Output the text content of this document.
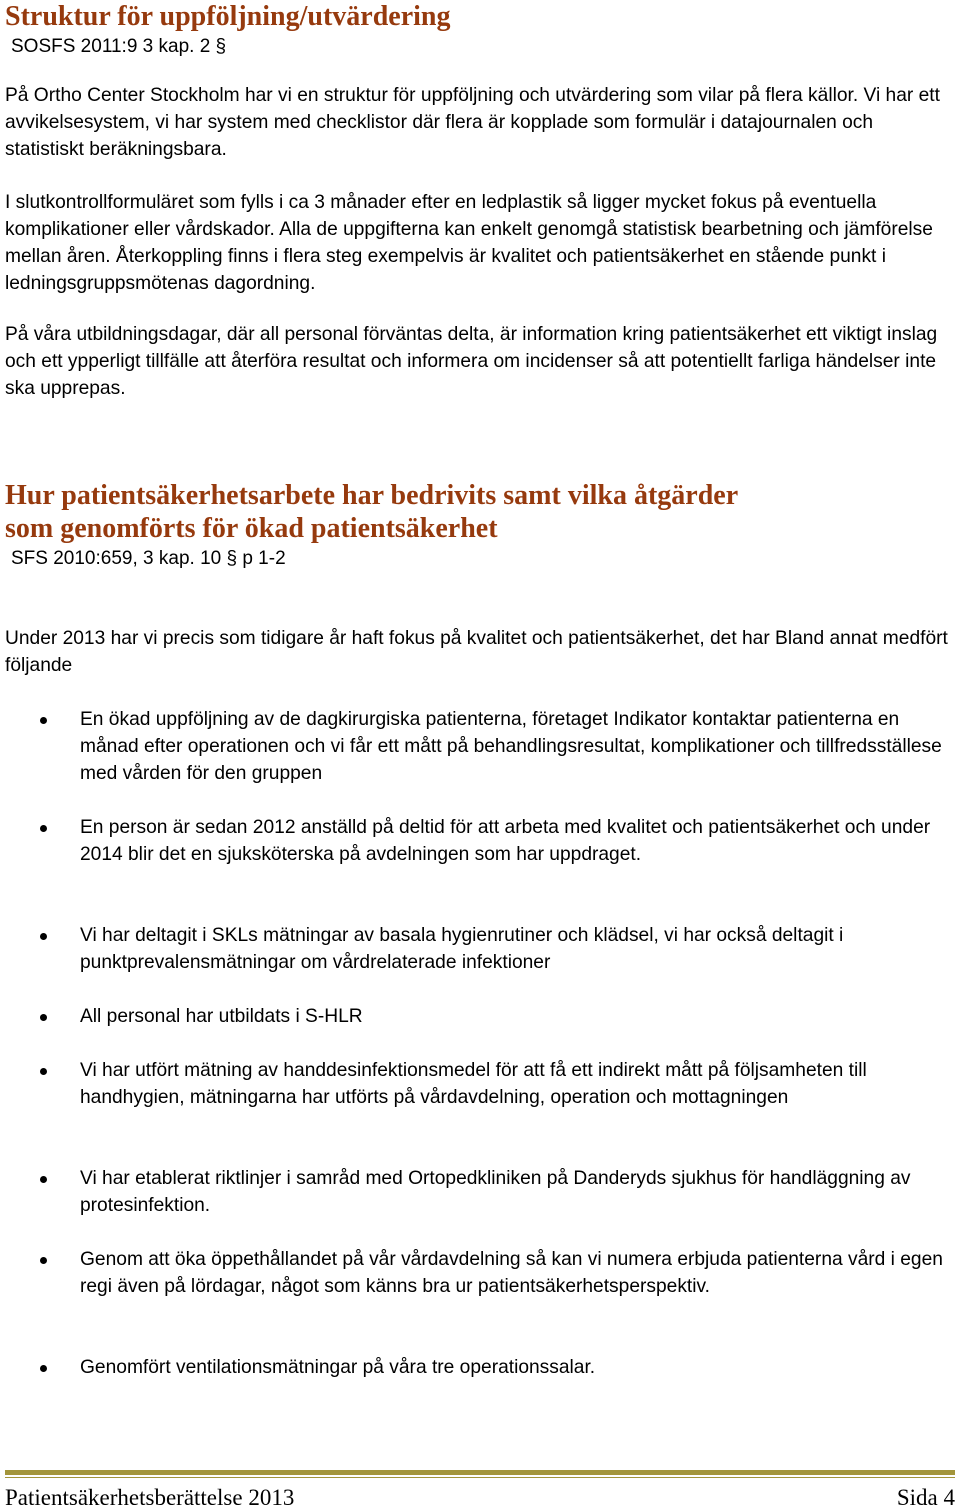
Struktur för uppföljning/utvärdering
SOSFS 2011:9 3 kap. 2 §

På Ortho Center Stockholm har vi en struktur för uppföljning och utvärdering som vilar på flera källor. Vi har ett avvikelsesystem, vi har system med checklistor där flera är kopplade som formulär i datajournalen och statistiskt beräkningsbara.

I slutkontrollformuläret som fylls i ca 3 månader efter en ledplastik så ligger mycket fokus på eventuella komplikationer eller vårdskador. Alla de uppgifterna kan enkelt genomgå statistisk bearbetning och jämförelse mellan åren. Återkoppling finns i flera steg exempelvis är kvalitet och patientsäkerhet en stående punkt i ledningsgruppsmötenas dagordning.

På våra utbildningsdagar, där all personal förväntas delta, är information kring patientsäkerhet ett viktigt inslag och ett ypperligt tillfälle att återföra resultat och informera om incidenser så att potentiellt farliga händelser inte ska upprepas.

Hur patientsäkerhetsarbete har bedrivits samt vilka åtgärder
som genomförts för ökad patientsäkerhet
SFS 2010:659, 3 kap. 10 § p 1-2

Under 2013 har vi precis som tidigare år haft fokus på kvalitet och patientsäkerhet, det har Bland annat medfört följande

En ökad uppföljning av de dagkirurgiska patienterna, företaget Indikator kontaktar patienterna en månad efter operationen och vi får ett mått på behandlingsresultat, komplikationer och tillfredsställese med vården för den gruppen
En person är sedan 2012 anställd på deltid för att arbeta med kvalitet och patientsäkerhet och under 2014 blir det en sjuksköterska på avdelningen som har uppdraget.
Vi har deltagit i SKLs mätningar av basala hygienrutiner och klädsel, vi har också deltagit i punktprevalensmätningar om vårdrelaterade infektioner
All personal har utbildats i S-HLR
Vi har utfört mätning av handdesinfektionsmedel för att få ett indirekt mått på följsamheten till handhygien, mätningarna har utförts på vårdavdelning, operation och mottagningen
Vi har etablerat riktlinjer i samråd med Ortopedkliniken på Danderyds sjukhus för handläggning av protesinfektion.
Genom att öka öppethållandet på vår vårdavdelning så kan vi numera erbjuda patienterna vård i egen regi även på lördagar, något som känns bra ur patientsäkerhetsperspektiv.
Genomfört ventilationsmätningar på våra tre operationssalar.
Patientsäkerhetsberättelse 2013	Sida 4
